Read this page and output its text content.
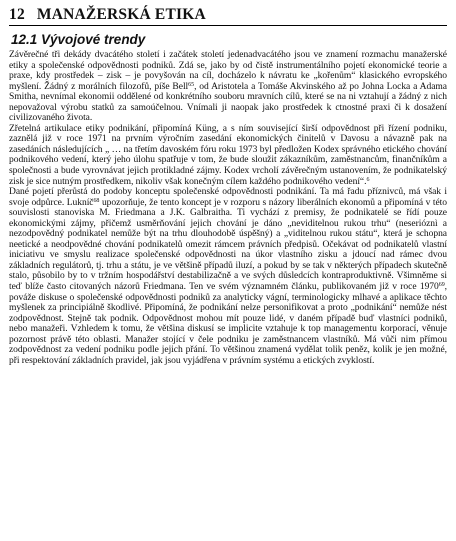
12 MANAŽERSKÁ ETIKA
12.1 Vývojové trendy

Závěrečné tři dekády dvacátého století i začátek století jedenadvacátého jsou ve znamení rozmachu manažerské etiky a společenské odpovědnosti podniků. Zdá se, jako by od čistě instrumentálního pojetí ekonomické teorie a praxe, kdy prostředek – zisk – je povyšován na cíl, docházelo k návratu ke „kořenům“ klasického evropského myšlení. Žádný z morálních filozofů, píše Bell$^{65}$, od Aristotela a Tomáše Akvinského až po Johna Locka a Adama Smitha, nevnímal ekonomii oddělené od konkrétního souboru mravních cílů, které se na ni vztahují a žádný z nich nepovažoval výrobu statků za samoúčelnou. Vnímali ji naopak jako prostředek k ctnostné praxi či k dosažení civilizovaného života.

Zřetelná artikulace etiky podnikání, připomíná Küng, a s ním související širší odpovědnost při řízení podniku, zaznělá již v roce 1971 na prvním výročním zasedání ekonomických činitelů v Davosu a návazně pak na zasedáních následujících „ … na třetím davoském fóru roku 1973 byl předložen Kodex správného etického chování podnikového vedení, který jeho úlohu spatřuje v tom, že bude sloužit zákazníkům, zaměstnancům, finančníkům a společnosti a bude vyrovnávat jejich protikladné zájmy. Kodex vrcholí závěrečným ustanovením, že podnikatelský zisk je sice nutným prostředkem, nikoliv však konečným cílem každého podnikového vedení“.$^6$

Dané pojetí přerůstá do podoby konceptu společenské odpovědnosti podnikání. Ta má řadu příznivců, má však i svoje odpůrce. Lukníč$^{68}$ upozorňuje, že tento koncept je v rozporu s názory liberálních ekonomů a připomíná v této souvislosti stanoviska M. Friedmana a J.K. Galbraitha. Ti vychází z premisy, že podnikatelé se řídí pouze ekonomickými zájmy, přičemž usměrňování jejich chování je dáno „neviditelnou rukou trhu“ (neserióznì a nezodpovědný podnikatel nemůže být na trhu dlouhodobě úspěšný) a „viditelnou rukou státu“, která je schopna neetické a neodpovědné chování podnikatelů omezit rámcem právních předpisů. Očekávat od podnikatelů vlastní iniciativu ve smyslu realizace společenské odpovědnosti na úkor vlastního zisku a jdoucí nad rámec dvou základních regulátorů, tj. trhu a státu, je ve většině případů iluzí, a pokud by se tak v některých případech skutečně stalo, působilo by to v tržním hospodářství destabilizačně a ve svých důsledcích kontraproduktivně. Všimněme si teď blíže často citovaných názorů Friedmana. Ten ve svém významném článku, publikovaném již v roce 1970$^{69}$, pováže diskuse o společenské odpovědnosti podniků za analyticky vágní, terminologicky mlhavé a aplikace těchto myšlenek za principiálně škodlivé. Připomíná, že podnikání nelze personifikovat a proto „podnikání“ nemůže nést zodpovědnost. Stejně tak podnik. Odpovědnost mohou mít pouze lidé, v daném případě buď vlastníci podniků, nebo manažeři. Vzhledem k tomu, že většina diskusí se implicite vztahuje k top managementu korporací, věnuje pozornost právě této oblasti. Manažer stojící v čele podniku je zaměstnancem vlastníků. Má vůči nim přímou zodpovědnost za vedení podniku podle jejich přání. To většinou znamená vydělat tolik peněz, kolik je jen možné, při respektování základních pravidel, jak jsou vyjádřena v právním systému a etických zvyklostí.
